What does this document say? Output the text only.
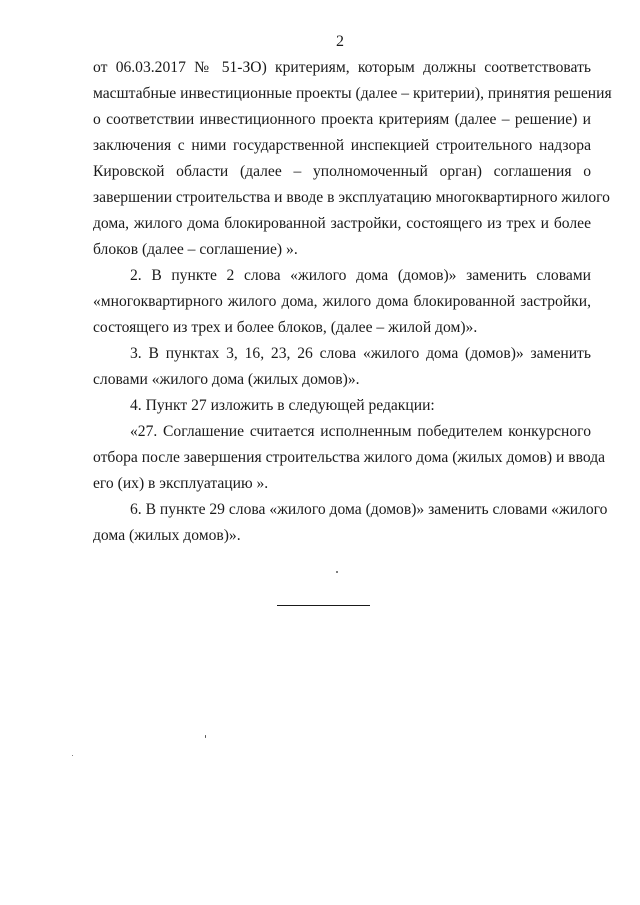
2

от 06.03.2017 № 51-ЗО) критериям, которым должны соответствовать
масштабные инвестиционные проекты (далее – критерии), принятия решения
о соответствии инвестиционного проекта критериям (далее – решение) и
заключения с ними государственной инспекцией строительного надзора
Кировской области (далее – уполномоченный орган) соглашения о
завершении строительства и вводе в эксплуатацию многоквартирного жилого
дома, жилого дома блокированной застройки, состоящего из трех и более
блоков (далее – соглашение) ».

2. В пункте 2 слова «жилого дома (домов)» заменить словами
«многоквартирного жилого дома, жилого дома блокированной застройки,
состоящего из трех и более блоков, (далее – жилой дом)».

3. В пунктах 3, 16, 23, 26 слова «жилого дома (домов)» заменить
словами «жилого дома (жилых домов)».

4. Пункт 27 изложить в следующей редакции:

«27. Соглашение считается исполненным победителем конкурсного
отбора после завершения строительства жилого дома (жилых домов) и ввода
его (их) в эксплуатацию ».

6. В пункте 29 слова «жилого дома (домов)» заменить словами «жилого
дома (жилых домов)».
